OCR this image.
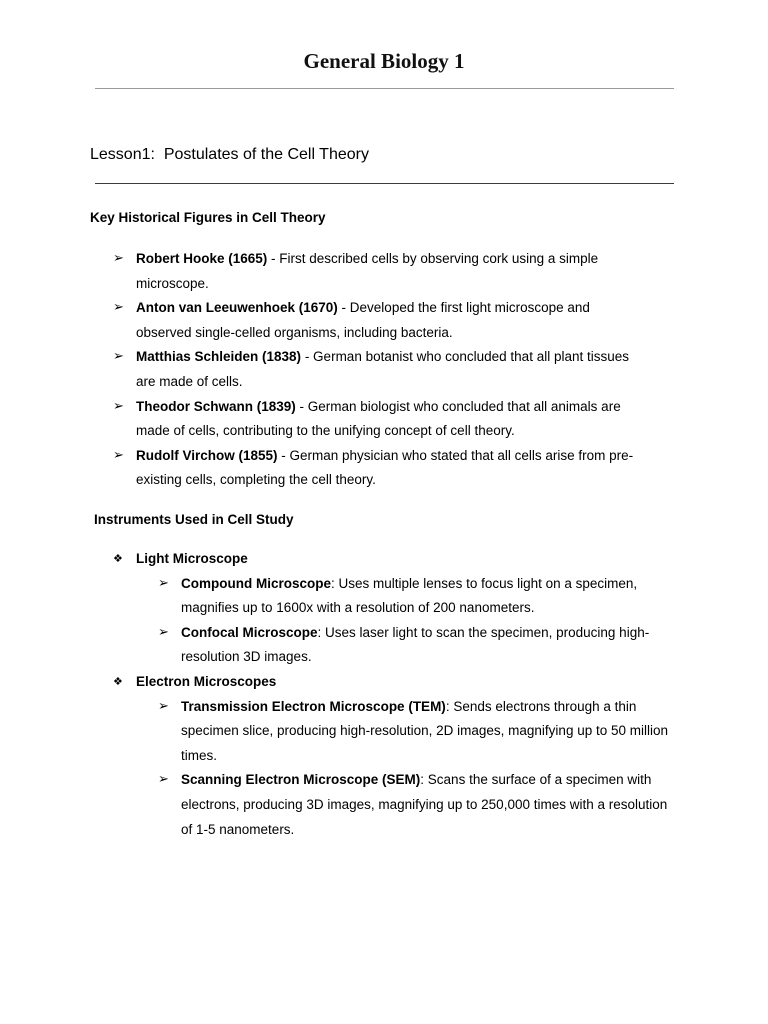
General Biology 1
Lesson1:  Postulates of the Cell Theory
Key Historical Figures in Cell Theory
➢ Robert Hooke (1665) - First described cells by observing cork using a simple microscope.
➢ Anton van Leeuwenhoek (1670) - Developed the first light microscope and observed single-celled organisms, including bacteria.
➢ Matthias Schleiden (1838) - German botanist who concluded that all plant tissues are made of cells.
➢ Theodor Schwann (1839) - German biologist who concluded that all animals are made of cells, contributing to the unifying concept of cell theory.
➢ Rudolf Virchow (1855) - German physician who stated that all cells arise from pre-existing cells, completing the cell theory.
Instruments Used in Cell Study
❖ Light Microscope
➢ Compound Microscope: Uses multiple lenses to focus light on a specimen, magnifies up to 1600x with a resolution of 200 nanometers.
➢ Confocal Microscope: Uses laser light to scan the specimen, producing high-resolution 3D images.
❖ Electron Microscopes
➢ Transmission Electron Microscope (TEM): Sends electrons through a thin specimen slice, producing high-resolution, 2D images, magnifying up to 50 million times.
➢ Scanning Electron Microscope (SEM): Scans the surface of a specimen with electrons, producing 3D images, magnifying up to 250,000 times with a resolution of 1-5 nanometers.
